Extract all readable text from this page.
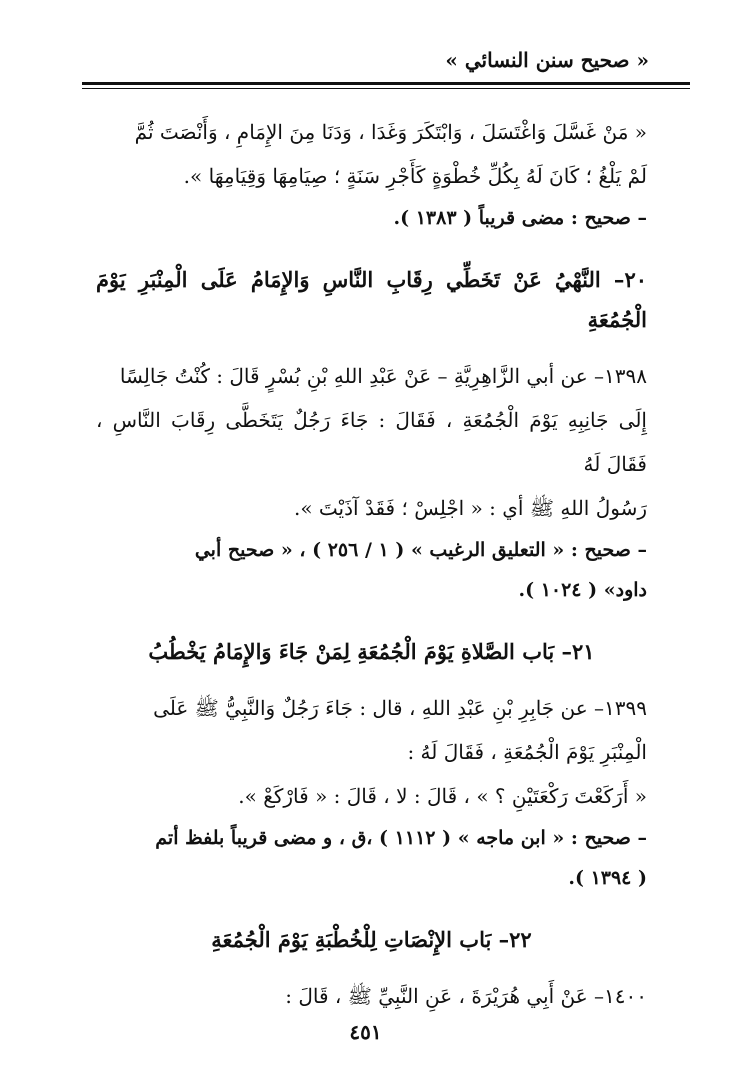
« صحيح سنن النسائي »

« مَنْ غَسَّلَ وَاغْتَسَلَ ، وَابْتَكَرَ وَغَدَا ، وَدَنَا مِنَ الإِمَامِ ، وَأَنْصَتَ ثُمَّ

لَمْ يَلْغُ ؛ كَانَ لَهُ بِكُلِّ خُطْوَةٍ كَأَجْرِ سَنَةٍ ؛ صِيَامِهَا وَقِيَامِهَا ».

– صحيح : مضى قريباً ( ١٣٨٣ ).

٢٠– النَّهْيُ عَنْ تَخَطِّي رِقَابِ النَّاسِ وَالإِمَامُ عَلَى الْمِنْبَرِ يَوْمَ الْجُمُعَةِ

١٣٩٨– عن أبي الزَّاهِرِيَّةِ – عَنْ عَبْدِ اللهِ بْنِ بُسْرٍ قَالَ : كُنْتُ جَالِسًا

إِلَى جَانِبِهِ يَوْمَ الْجُمُعَةِ ، فَقَالَ : جَاءَ رَجُلٌ يَتَخَطَّى رِقَابَ النَّاسِ ، فَقَالَ لَهُ

رَسُولُ اللهِ ﷺ أي : « اجْلِسْ ؛ فَقَدْ آذَيْتَ ».

– صحيح : « التعليق الرغيب » ( ١ / ٢٥٦ ) ، « صحيح أبي

داود» ( ١٠٢٤ ).

٢١– بَاب الصَّلاةِ يَوْمَ الْجُمُعَةِ لِمَنْ جَاءَ وَالإِمَامُ يَخْطُبُ

١٣٩٩– عن جَابِرِ بْنِ عَبْدِ اللهِ ، قال : جَاءَ رَجُلٌ وَالنَّبِيُّ ﷺ عَلَى

الْمِنْبَرِ يَوْمَ الْجُمُعَةِ ، فَقَالَ لَهُ :

« أَرَكَعْتَ رَكْعَتَيْنِ ؟ » ، قَالَ : لا ، قَالَ : « فَارْكَعْ ».

– صحيح : « ابن ماجه » ( ١١١٢ ) ،ق ، و مضى قريباً بلفظ أتم

( ١٣٩٤ ).

٢٢– بَاب الإِنْصَاتِ لِلْخُطْبَةِ يَوْمَ الْجُمُعَةِ

١٤٠٠– عَنْ أَبِي هُرَيْرَةَ ، عَنِ النَّبِيِّ ﷺ ، قَالَ :

٤٥١
